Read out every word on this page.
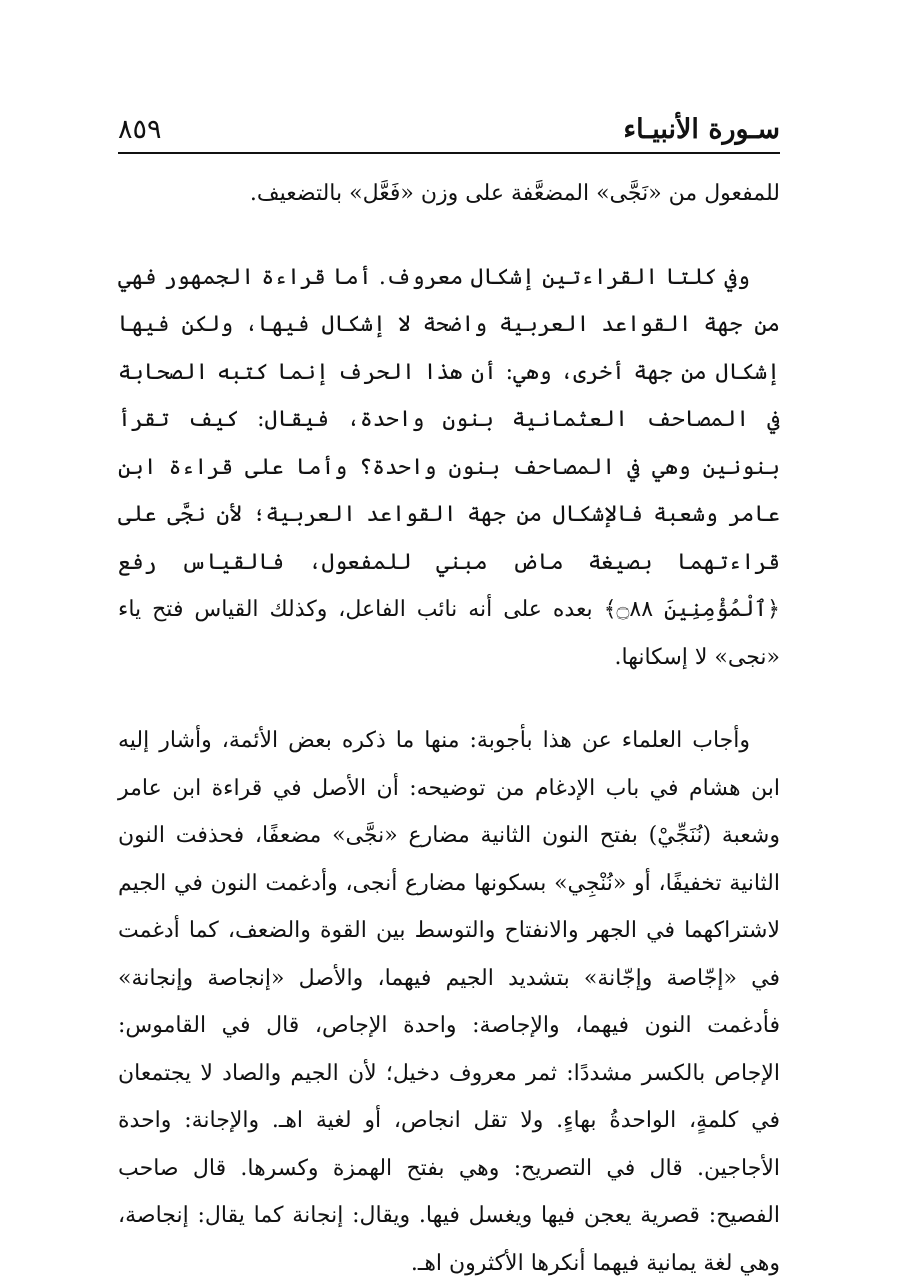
سـورة الأنبيـاء
٨٥٩

للمفعول من «نَجَّى» المضعَّفة على وزن «فَعَّل» بالتضعيف.

وفي كلتا القراءتين إشكال معروف. أما قراءة الجمهور فهي من جهة القواعد العربية واضحة لا إشكال فيها، ولكن فيها إشكال من جهة أخرى، وهي: أن هذا الحرف إنما كتبه الصحابة في المصاحف العثمانية بنون واحدة، فيقال: كيف تقرأ بنونين وهي في المصاحف بنون واحدة؟ وأما على قراءة ابن عامر وشعبة فالإشكال من جهة القواعد العربية؛ لأن نجَّى على قراءتهما بصيغة ماض مبني للمفعول، فالقياس رفع ﴿ٱلْمُؤْمِنِينَ ۝٨٨﴾ بعده على أنه نائب الفاعل، وكذلك القياس فتح ياء «نجى» لا إسكانها.

وأجاب العلماء عن هذا بأجوبة: منها ما ذكره بعض الأئمة، وأشار إليه ابن هشام في باب الإدغام من توضيحه: أن الأصل في قراءة ابن عامر وشعبة (نُنَجِّيْ) بفتح النون الثانية مضارع «نجَّى» مضعفًا، فحذفت النون الثانية تخفيفًا، أو «نُنْجِي» بسكونها مضارع أنجى، وأدغمت النون في الجيم لاشتراكهما في الجهر والانفتاح والتوسط بين القوة والضعف، كما أدغمت في «إجّاصة وإجّانة» بتشديد الجيم فيهما، والأصل «إنجاصة وإنجانة» فأدغمت النون فيهما، والإجاصة: واحدة الإجاص، قال في القاموس: الإجاص بالكسر مشددًا: ثمر معروف دخيل؛ لأن الجيم والصاد لا يجتمعان في كلمةٍ، الواحدةُ بهاءٍ. ولا تقل انجاص، أو لغية اهـ. والإجانة: واحدة الأجاجين. قال في التصريح: وهي بفتح الهمزة وكسرها. قال صاحب الفصيح: قصرية يعجن فيها ويغسل فيها. ويقال: إنجانة كما يقال: إنجاصة، وهي لغة يمانية فيهما أنكرها الأكثرون اهـ.
